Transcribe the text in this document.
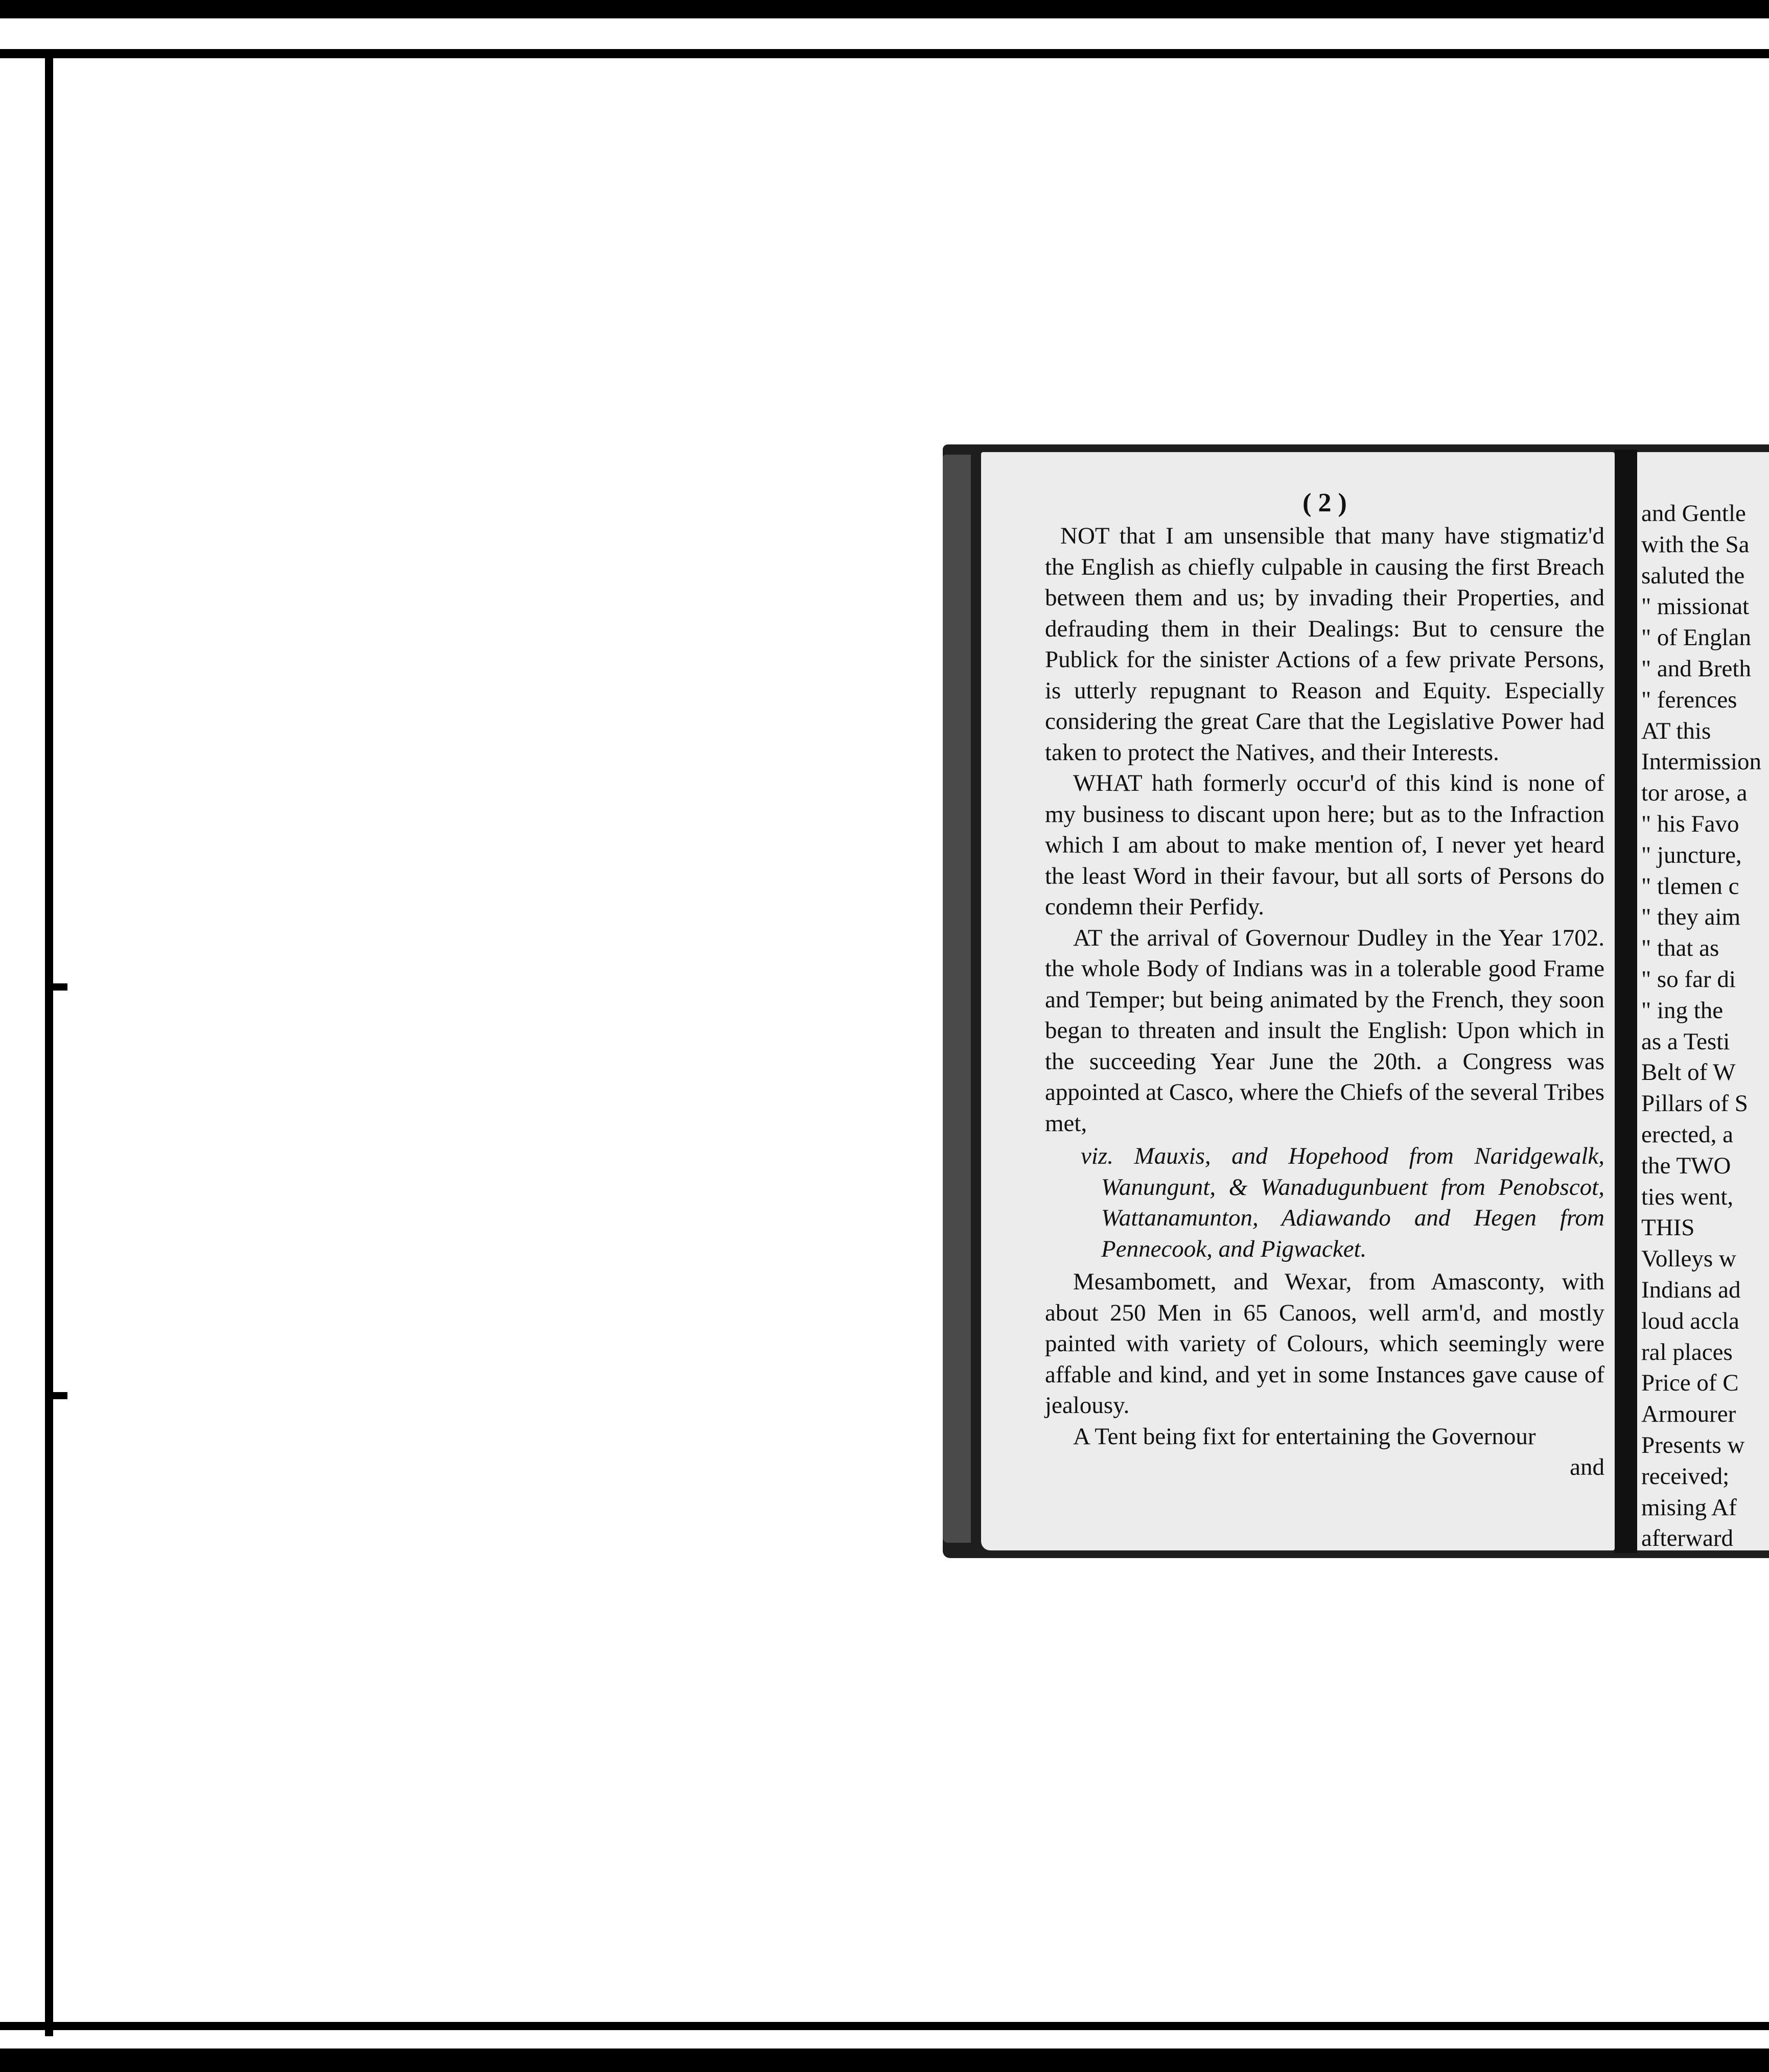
( 2 )

NOT that I am unsensible that many have stigmatiz'd the English as chiefly culpable in causing the first Breach between them and us; by invading their Properties, and defrauding them in their Dealings: But to censure the Publick for the sinister Actions of a few private Persons, is utterly repugnant to Reason and Equity. Especially considering the great Care that the Legislative Power had taken to protect the Natives, and their Interests.

WHAT hath formerly occur'd of this kind is none of my business to discant upon here; but as to the Infraction which I am about to make mention of, I never yet heard the least Word in their favour, but all sorts of Persons do condemn their Perfidy.

AT the arrival of Governour Dudley in the Year 1702. the whole Body of Indians was in a tolerable good Frame and Temper; but being animated by the French, they soon began to threaten and insult the English: Upon which in the succeeding Year June the 20th. a Congress was appointed at Casco, where the Chiefs of the several Tribes met,

viz. Mauxis, and Hopehood from Naridgewalk, Wanungunt, & Wanadugunbuent from Penobscot, Wattanamunton, Adiawando and Hegen from Pennecook, and Pigwacket.

Mesambomett, and Wexar, from Amasconty, with about 250 Men in 65 Canoos, well arm'd, and mostly painted with variety of Colours, which seemingly were affable and kind, and yet in some Instances gave cause of jealousy.

A Tent being fixt for entertaining the Governour

and

and Gentle
with the Sa
saluted the
" missionat
" of Englan
" and Breth
" ferences
AT this
Intermission
tor arose, a
" his Favo
" juncture,
" tlemen c
" they aim
" that as
" so far di
" ing the
as a Testi
Belt of W
Pillars of S
erected, a
the TWO
ties went,
THIS
Volleys w
Indians ad
loud accla
ral places
Price of C
Armourer
Presents w
received;
mising Af
afterward
